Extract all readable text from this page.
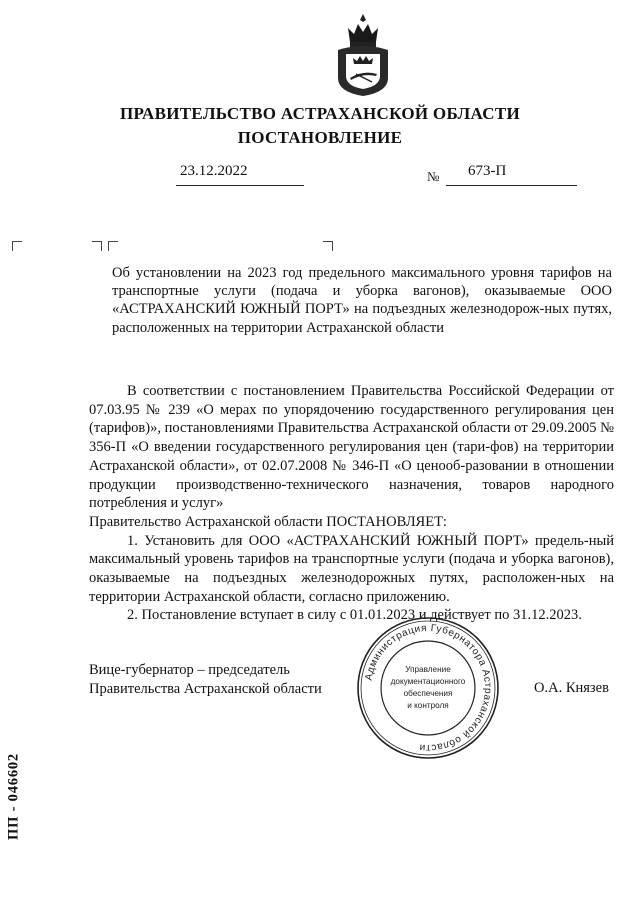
ПРАВИТЕЛЬСТВО АСТРАХАНСКОЙ ОБЛАСТИ
ПОСТАНОВЛЕНИЕ
23.12.2022	№ 673-П
Об установлении на 2023 год предельного максимального уровня тарифов на транспортные услуги (подача и уборка вагонов), оказываемые ООО «АСТРАХАНСКИЙ ЮЖНЫЙ ПОРТ» на подъездных железнодорож-ных путях, расположенных на территории Астраханской области

В соответствии с постановлением Правительства Российской Федерации от 07.03.95 № 239 «О мерах по упорядочению государственного регулирования цен (тарифов)», постановлениями Правительства Астраханской области от 29.09.2005 № 356-П «О введении государственного регулирования цен (тари-фов) на территории Астраханской области», от 02.07.2008 № 346-П «О ценооб-разовании в отношении продукции производственно-технического назначения, товаров народного потребления и услуг»

Правительство Астраханской области ПОСТАНОВЛЯЕТ:

1. Установить для ООО «АСТРАХАНСКИЙ ЮЖНЫЙ ПОРТ» предель-ный максимальный уровень тарифов на транспортные услуги (подача и уборка вагонов), оказываемые на подъездных железнодорожных путях, расположен-ных на территории Астраханской области, согласно приложению.

2. Постановление вступает в силу с 01.01.2023 и действует по 31.12.2023.

Вице-губернатор – председатель
Правительства Астраханской области	О.А. Князев
Администрация Губернатора Астраханской области
Управление
документационного
обеспечения
и контроля
ПП - 046602
